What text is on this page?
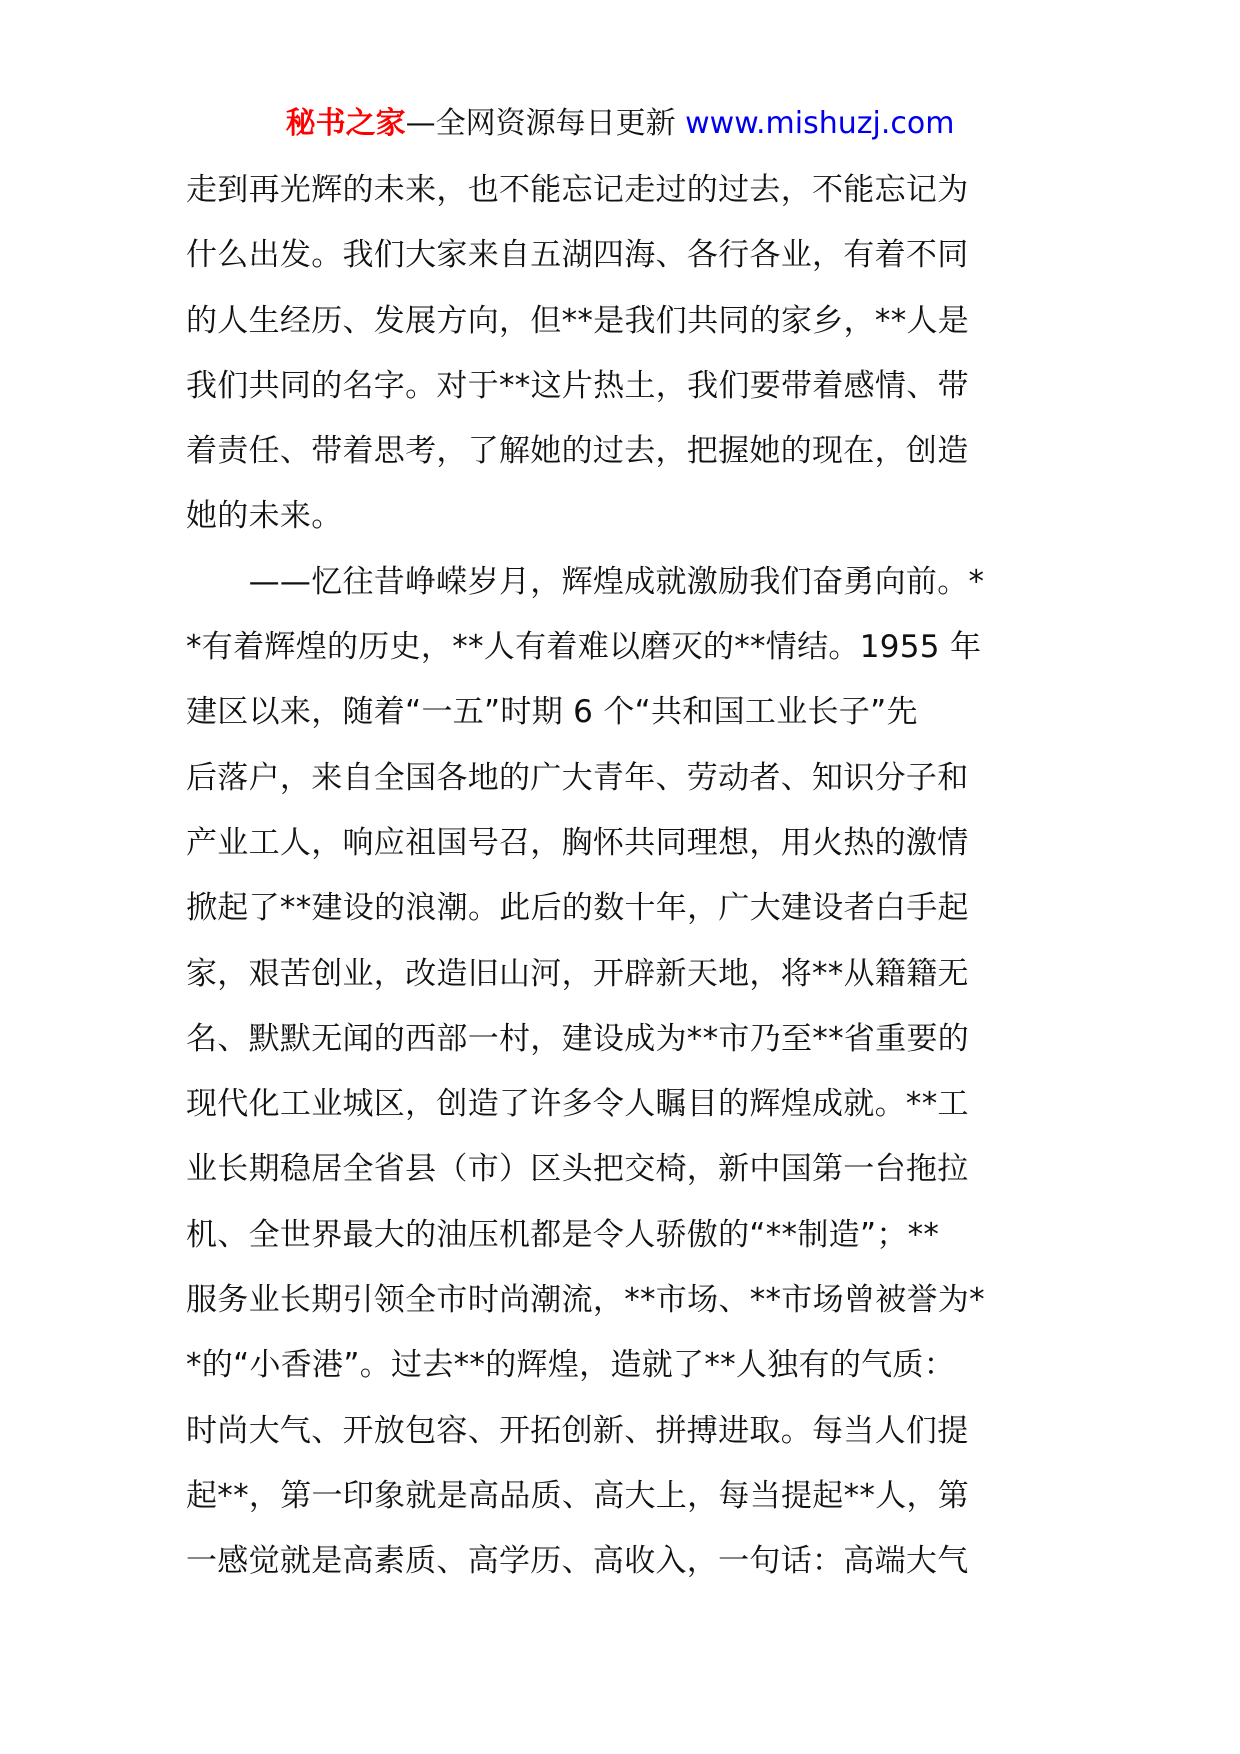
秘书之家—全网资源每日更新 www.mishuzj.com
走到再光辉的未来，也不能忘记走过的过去，不能忘记为
什么出发。我们大家来自五湖四海、各行各业，有着不同
的人生经历、发展方向，但**是我们共同的家乡，**人是
我们共同的名字。对于**这片热土，我们要带着感情、带
着责任、带着思考，了解她的过去，把握她的现在，创造
她的未来。
　　——忆往昔峥嵘岁月，辉煌成就激励我们奋勇向前。*
*有着辉煌的历史，**人有着难以磨灭的**情结。1955 年
建区以来，随着“一五”时期 6 个“共和国工业长子”先
后落户，来自全国各地的广大青年、劳动者、知识分子和
产业工人，响应祖国号召，胸怀共同理想，用火热的激情
掀起了**建设的浪潮。此后的数十年，广大建设者白手起
家，艰苦创业，改造旧山河，开辟新天地，将**从籍籍无
名、默默无闻的西部一村，建设成为**市乃至**省重要的
现代化工业城区，创造了许多令人瞩目的辉煌成就。**工
业长期稳居全省县（市）区头把交椅，新中国第一台拖拉
机、全世界最大的油压机都是令人骄傲的“**制造”；**
服务业长期引领全市时尚潮流，**市场、**市场曾被誉为*
*的“小香港”。过去**的辉煌，造就了**人独有的气质：
时尚大气、开放包容、开拓创新、拼搏进取。每当人们提
起**，第一印象就是高品质、高大上，每当提起**人，第
一感觉就是高素质、高学历、高收入，一句话：高端大气
